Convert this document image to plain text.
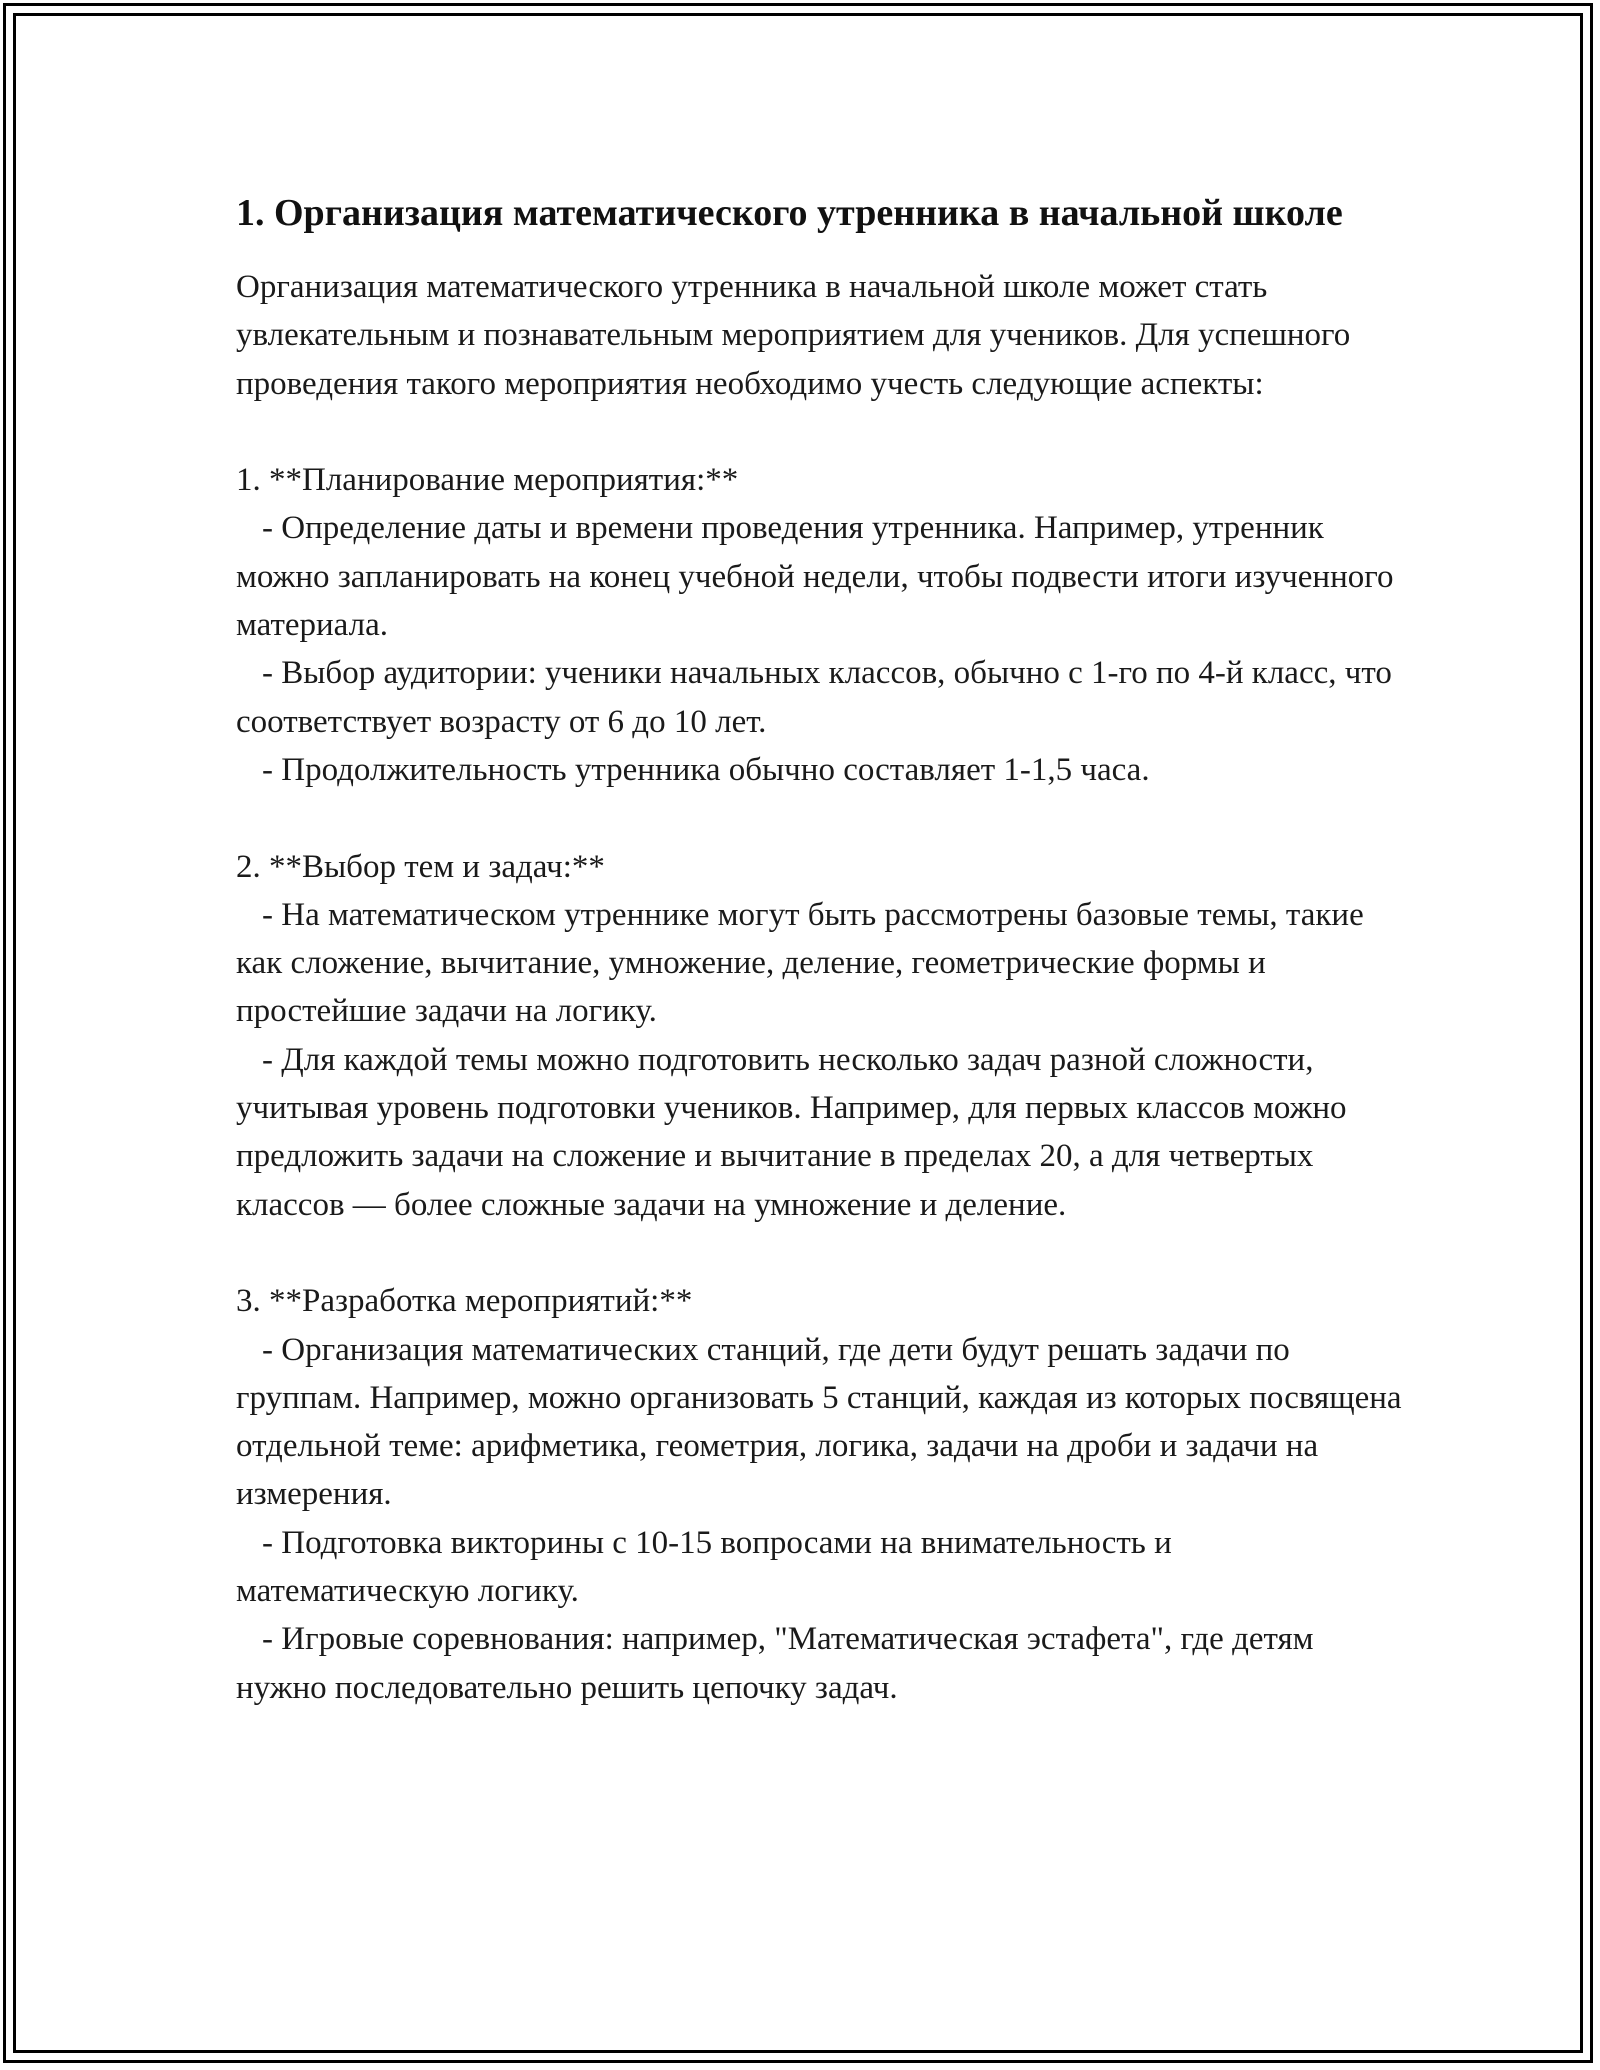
1. Организация математического утренника в начальной школе

Организация математического утренника в начальной школе может стать увлекательным и познавательным мероприятием для учеников. Для успешного проведения такого мероприятия необходимо учесть следующие аспекты:

1. **Планирование мероприятия:**

- Определение даты и времени проведения утренника. Например, утренник можно запланировать на конец учебной недели, чтобы подвести итоги изученного материала.

- Выбор аудитории: ученики начальных классов, обычно с 1-го по 4-й класс, что соответствует возрасту от 6 до 10 лет.

- Продолжительность утренника обычно составляет 1-1,5 часа.

2. **Выбор тем и задач:**

- На математическом утреннике могут быть рассмотрены базовые темы, такие как сложение, вычитание, умножение, деление, геометрические формы и простейшие задачи на логику.

- Для каждой темы можно подготовить несколько задач разной сложности, учитывая уровень подготовки учеников. Например, для первых классов можно предложить задачи на сложение и вычитание в пределах 20, а для четвертых классов — более сложные задачи на умножение и деление.

3. **Разработка мероприятий:**

- Организация математических станций, где дети будут решать задачи по группам. Например, можно организовать 5 станций, каждая из которых посвящена отдельной теме: арифметика, геометрия, логика, задачи на дроби и задачи на измерения.

- Подготовка викторины с 10-15 вопросами на внимательность и математическую логику.

- Игровые соревнования: например, "Математическая эстафета", где детям нужно последовательно решить цепочку задач.
